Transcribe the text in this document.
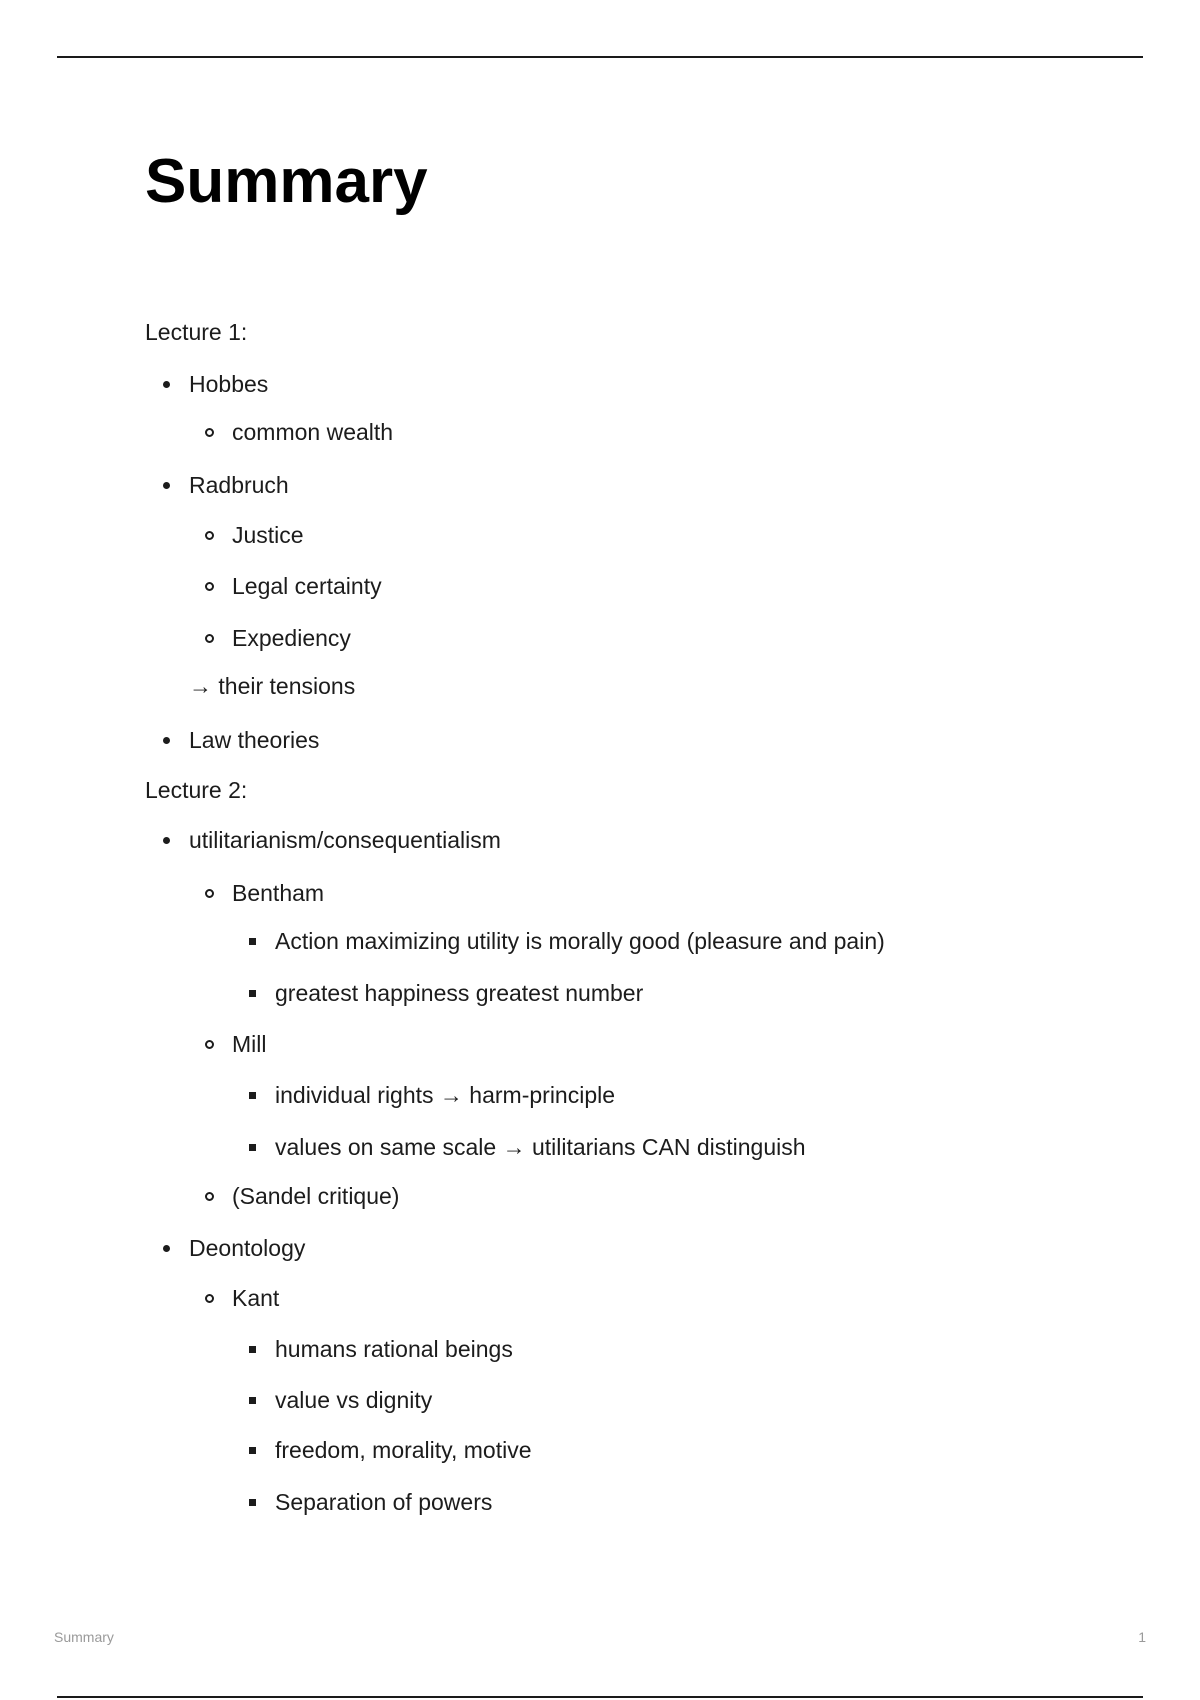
Summary
Lecture 1:
Hobbes
common wealth
Radbruch
Justice
Legal certainty
Expediency
→ their tensions
Law theories
Lecture 2:
utilitarianism/consequentialism
Bentham
Action maximizing utility is morally good (pleasure and pain)
greatest happiness greatest number
Mill
individual rights → harm-principle
values on same scale → utilitarians CAN distinguish
(Sandel critique)
Deontology
Kant
humans rational beings
value vs dignity
freedom, morality, motive
Separation of powers
Summary	1
